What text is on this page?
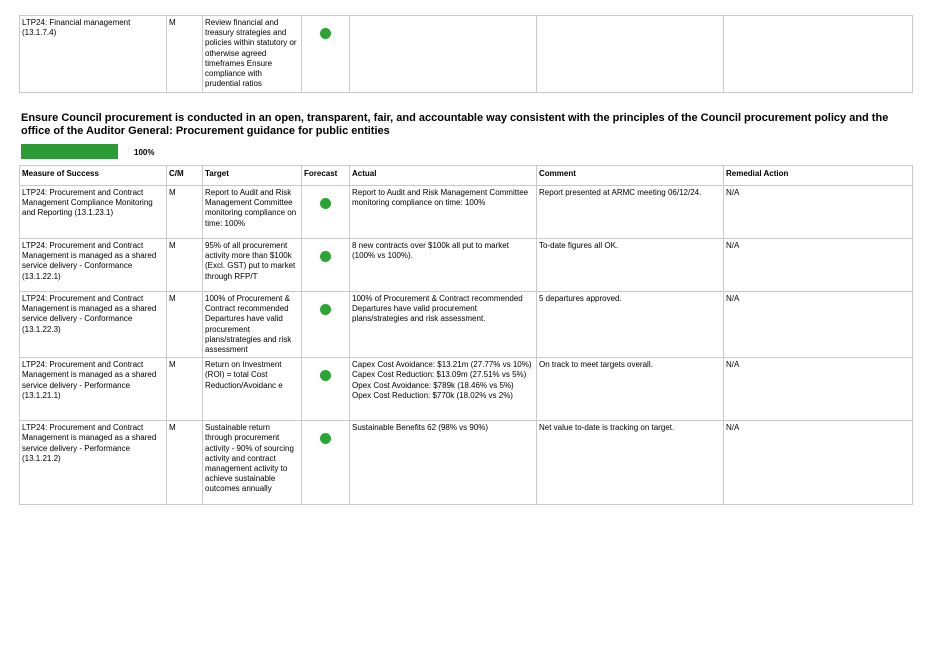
LTP24: Financial management (13.1.7.4)	M	Review financial and treasury strategies and policies within statutory or otherwise agreed timeframes Ensure compliance with prudential ratios	

Ensure Council procurement is conducted in an open, transparent, fair, and accountable way consistent with the principles of the Council procurement policy and the office of the Auditor General: Procurement guidance for public entities
100%
Measure of Success	C/M	Target	Forecast	Actual	Comment	Remedial Action
LTP24: Procurement and Contract Management Compliance Monitoring and Reporting (13.1.23.1)	M	Report to Audit and Risk Management Committee monitoring compliance on time: 100%		Report to Audit and Risk Management Committee monitoring compliance on time: 100%	Report presented at ARMC meeting 06/12/24.	N/A
LTP24: Procurement and Contract Management is managed as a shared service delivery - Conformance (13.1.22.1)	M	95% of all procurement activity more than $100k (Excl. GST) put to market through RFP/T		8 new contracts over $100k all put to market (100% vs 100%).	To-date figures all OK.	N/A
LTP24: Procurement and Contract Management is managed as a shared service delivery - Conformance (13.1.22.3)	M	100% of Procurement & Contract recommended Departures have valid procurement plans/strategies and risk assessment		100% of Procurement & Contract recommended Departures have valid procurement plans/strategies and risk assessment.	5 departures approved.	N/A
LTP24: Procurement and Contract Management is managed as a shared service delivery - Performance (13.1.21.1)	M	Return on Investment (ROI) = total Cost Reduction/Avoidanc e		Capex Cost Avoidance: $13.21m (27.77% vs 10%)
Capex Cost Reduction: $13.09m (27.51% vs 5%)
Opex Cost Avoidance: $789k (18.46% vs 5%)
Opex Cost Reduction: $770k (18.02% vs 2%)	On track to meet targets overall.	N/A
LTP24: Procurement and Contract Management is managed as a shared service delivery - Performance (13.1.21.2)	M	Sustainable return through procurement activity - 90% of sourcing activity and contract management activity to achieve sustainable outcomes annually		Sustainable Benefits 62 (98% vs 90%)	Net value to-date is tracking on target.	N/A
